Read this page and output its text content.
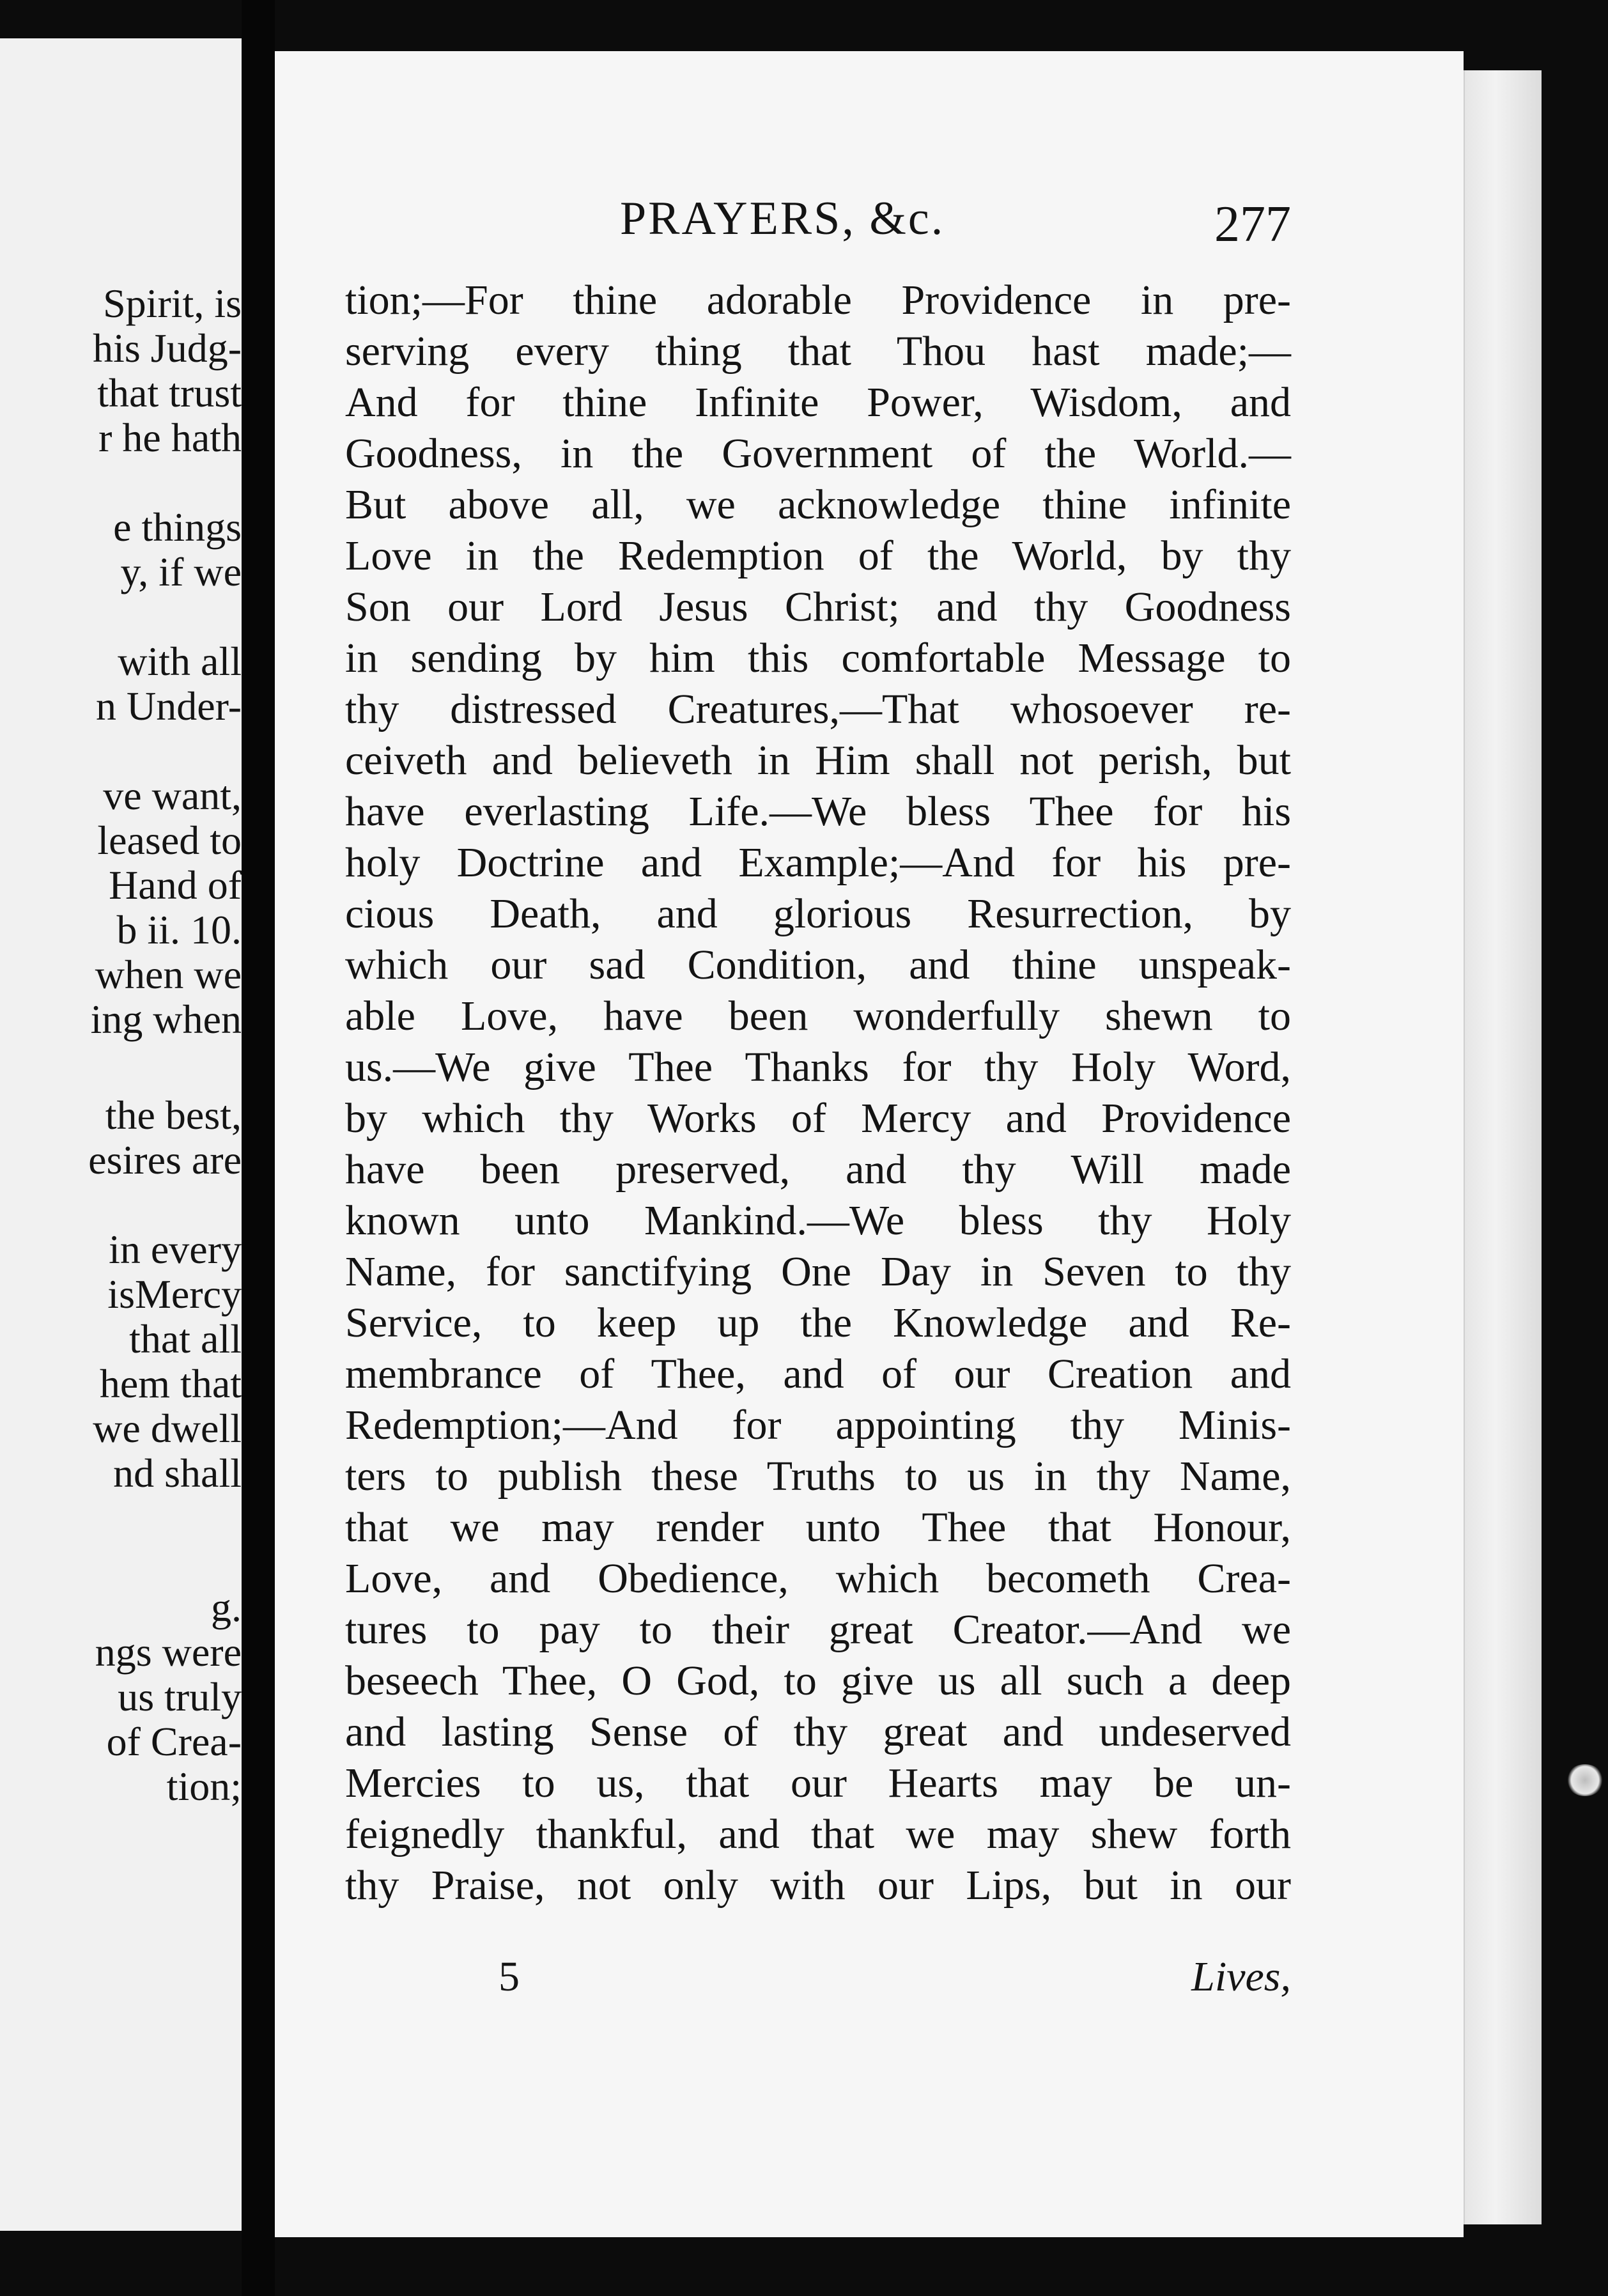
Spirit, is
his Judg-
that trust
r he hath
e things
y, if we
with all
n Under-
ve want,
leased to
Hand of
b ii. 10.
when we
ing when
the best,
esires are
in every
isMercy
that all
hem that
we dwell
nd shall
g.
ngs were
us truly
of Crea-
tion;
PRAYERS, &c.	277
tion;—For thine adorable Providence in pre-
serving every thing that Thou hast made;—
And for thine Infinite Power, Wisdom, and
Goodness, in the Government of the World.—
But above all, we acknowledge thine infinite
Love in the Redemption of the World, by thy
Son our Lord Jesus Christ; and thy Goodness
in sending by him this comfortable Message to
thy distressed Creatures,—That whosoever re-
ceiveth and believeth in Him shall not perish, but
have everlasting Life.—We bless Thee for his
holy Doctrine and Example;—And for his pre-
cious Death, and glorious Resurrection, by
which our sad Condition, and thine unspeak-
able Love, have been wonderfully shewn to
us.—We give Thee Thanks for thy Holy Word,
by which thy Works of Mercy and Providence
have been preserved, and thy Will made
known unto Mankind.—We bless thy Holy
Name, for sanctifying One Day in Seven to thy
Service, to keep up the Knowledge and Re-
membrance of Thee, and of our Creation and
Redemption;—And for appointing thy Minis-
ters to publish these Truths to us in thy Name,
that we may render unto Thee that Honour,
Love, and Obedience, which becometh Crea-
tures to pay to their great Creator.—And we
beseech Thee, O God, to give us all such a deep
and lasting Sense of thy great and undeserved
Mercies to us, that our Hearts may be un-
feignedly thankful, and that we may shew forth
thy Praise, not only with our Lips, but in our
5	Lives,
